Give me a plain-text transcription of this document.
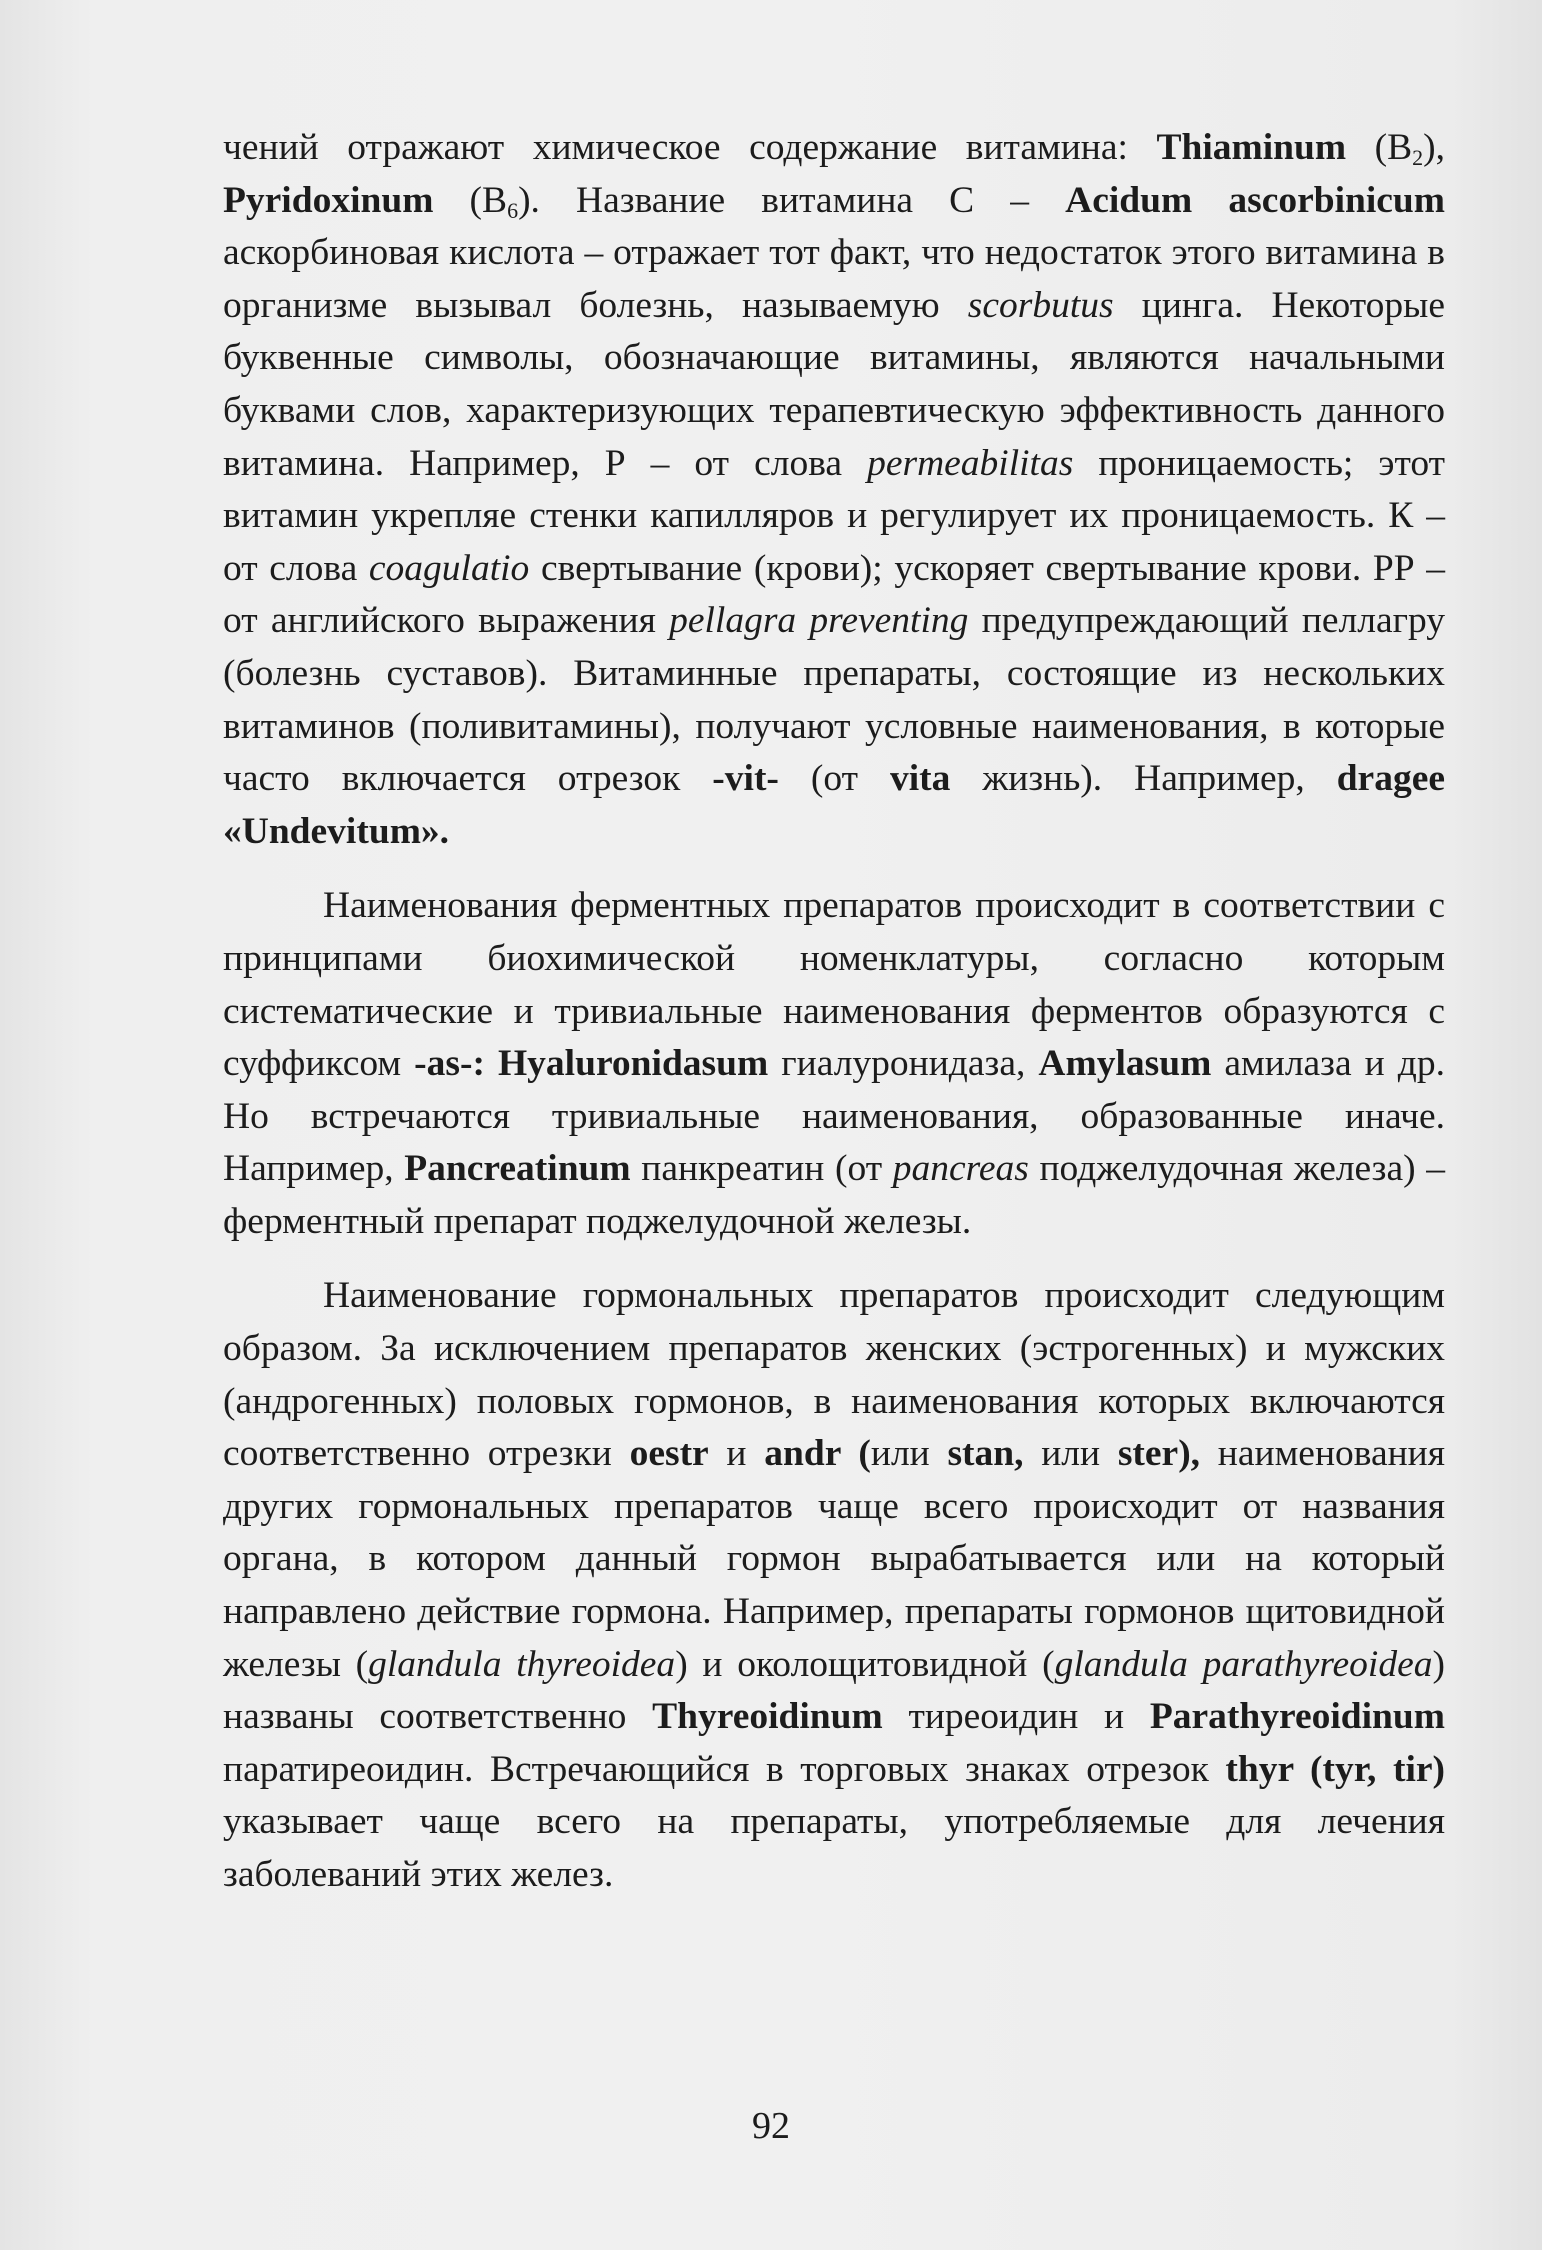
чений отражают химическое содержание витамина: Thiaminum $(В_2)$, Pyridoxinum $(В_6)$. Название витамина С – Acidum ascorbinicum аскорбиновая кислота – отражает тот факт, что недостаток этого витамина в организме вызывал болезнь, называемую scorbutus цинга. Некоторые буквенные символы, обозначающие витамины, являются начальными буквами слов, характеризующих терапевтическую эффективность данного витамина. Например, Р – от слова permeabilitas проницаемость; этот витамин укрепляе стенки капилляров и регулирует их проницаемость. К – от слова coagulatio свертывание (крови); ускоряет свертывание крови. РР – от английского выражения pellagra preventing предупреждающий пеллагру (болезнь суставов). Витаминные препараты, состоящие из нескольких витаминов (поливитамины), получают условные наименования, в которые часто включается отрезок -vit- (от vita жизнь). Например, dragee «Undevitum».

Наименования ферментных препаратов происходит в соответствии с принципами биохимической номенклатуры, согласно которым систематические и тривиальные наименования ферментов образуются с суффиксом -as-: Hyaluronidasum гиалуронидаза, Amylasum амилаза и др. Но встречаются тривиальные наименования, образованные иначе. Например, Pancreatinum панкреатин (от pancreas поджелудочная железа) – ферментный препарат поджелудочной железы.

Наименование гормональных препаратов происходит следующим образом. За исключением препаратов женских (эстрогенных) и мужских (андрогенных) половых гормонов, в наименования которых включаются соответственно отрезки oestr и andr (или stan, или ster), наименования других гормональных препаратов чаще всего происходит от названия органа, в котором данный гормон вырабатывается или на который направлено действие гормона. Например, препараты гормонов щитовидной железы (glandula thyreoidea) и околощитовидной (glandula parathyreoidea) названы соответственно Thyreoidinum тиреоидин и Parathyreoidinum паратиреоидин. Встречающийся в торговых знаках отрезок thyr (tyr, tir) указывает чаще всего на препараты, употребляемые для лечения заболеваний этих желез.

92
